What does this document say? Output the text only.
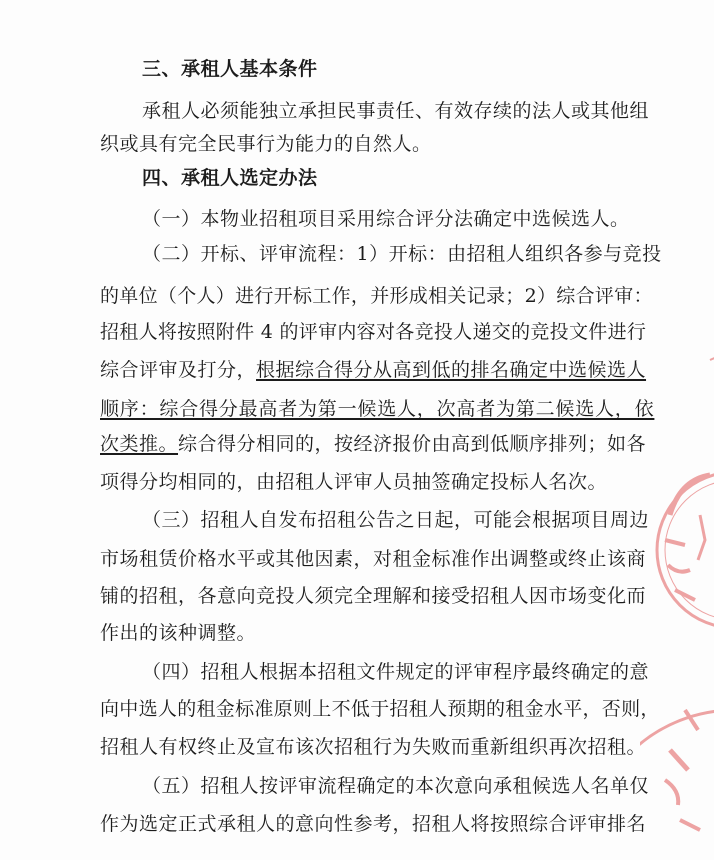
三、承租人基本条件
承租人必须能独立承担民事责任、有效存续的法人或其他组
织或具有完全民事行为能力的自然人。
四、承租人选定办法
（一）本物业招租项目采用综合评分法确定中选候选人。
（二）开标、评审流程：1）开标：由招租人组织各参与竞投
的单位（个人）进行开标工作，并形成相关记录；2）综合评审：
招租人将按照附件 4 的评审内容对各竞投人递交的竞投文件进行
综合评审及打分，根据综合得分从高到低的排名确定中选候选人
顺序：综合得分最高者为第一候选人，次高者为第二候选人，依
次类推。综合得分相同的，按经济报价由高到低顺序排列；如各
项得分均相同的，由招租人评审人员抽签确定投标人名次。
（三）招租人自发布招租公告之日起，可能会根据项目周边
市场租赁价格水平或其他因素，对租金标准作出调整或终止该商
铺的招租，各意向竞投人须完全理解和接受招租人因市场变化而
作出的该种调整。
（四）招租人根据本招租文件规定的评审程序最终确定的意
向中选人的租金标准原则上不低于招租人预期的租金水平，否则，
招租人有权终止及宣布该次招租行为失败而重新组织再次招租。
（五）招租人按评审流程确定的本次意向承租候选人名单仅
作为选定正式承租人的意向性参考，招租人将按照综合评审排名
